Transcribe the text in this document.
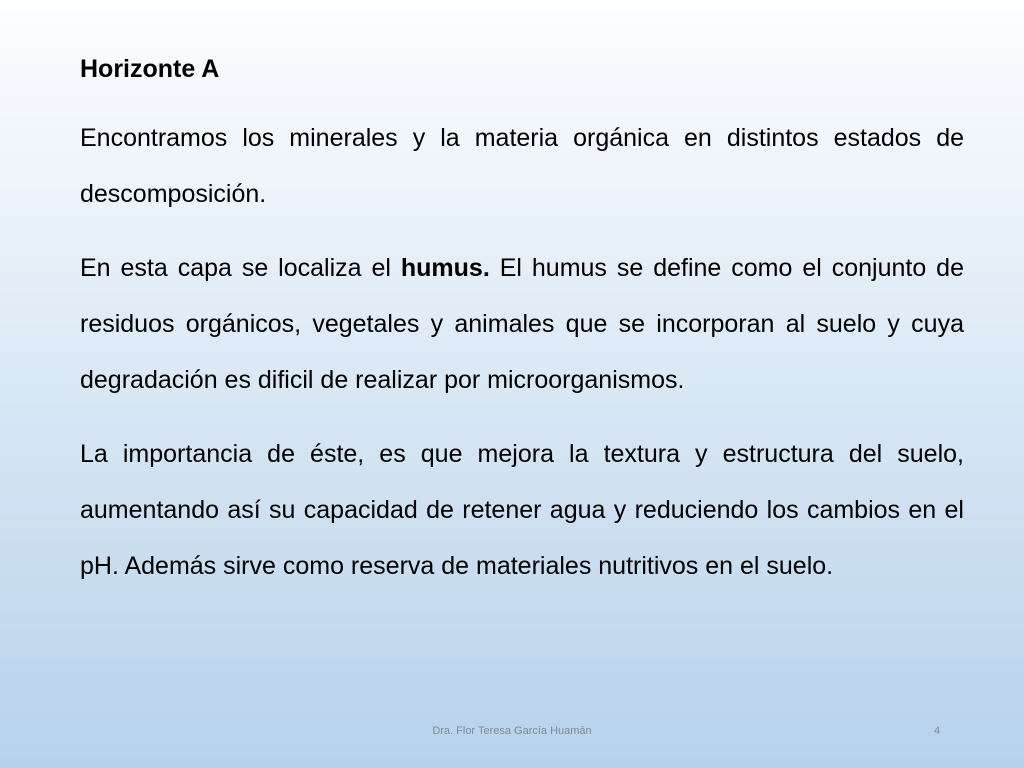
Horizonte A

Encontramos los minerales y la materia orgánica en distintos estados de descomposición.

En esta capa se localiza el humus. El humus se define como el conjunto de residuos orgánicos, vegetales y animales que se incorporan al suelo y cuya degradación es dificil de realizar por microorganismos.

La importancia de éste, es que mejora la textura y estructura del suelo, aumentando así su capacidad de retener agua y reduciendo los cambios en el pH. Además sirve como reserva de materiales nutritivos en el suelo.

Dra. Flor Teresa García Huamán	4
